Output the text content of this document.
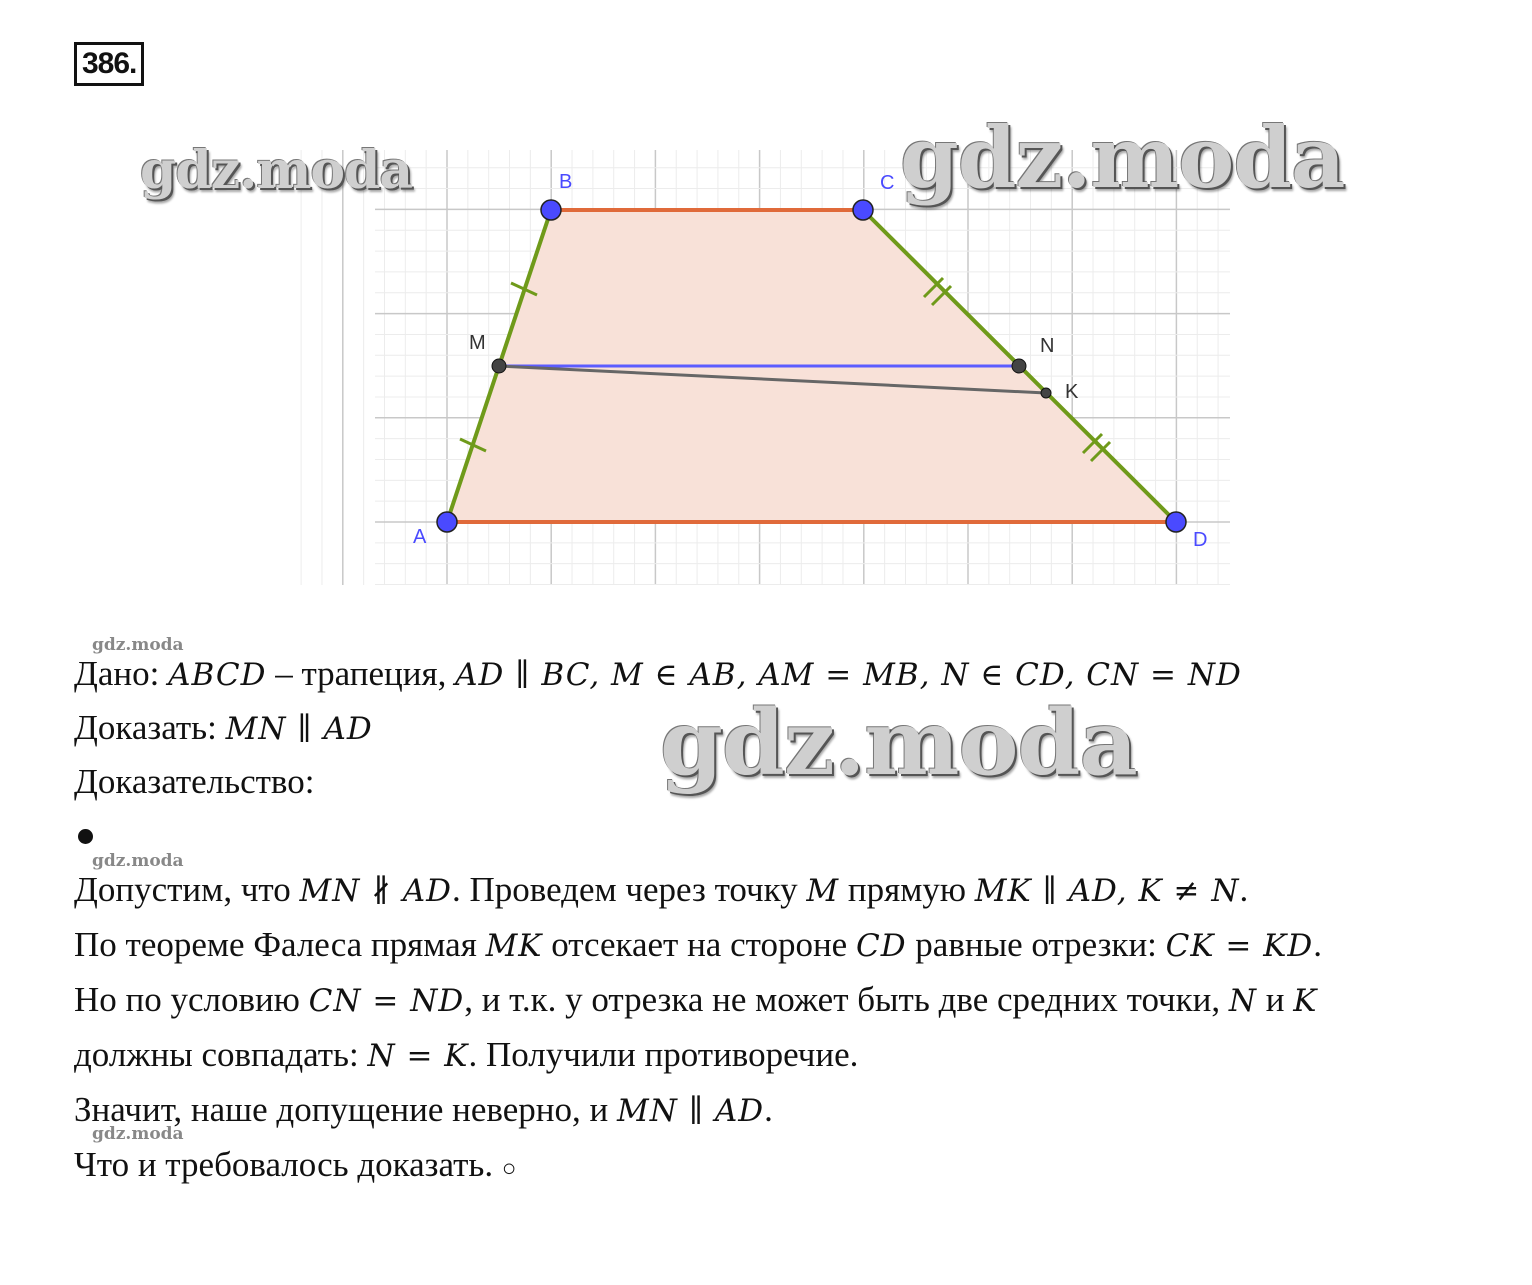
386.
A
B	C
D
M	N
K
gdz.moda	gdz.moda
gdz.moda
gdz.moda
gdz.moda
gdz.moda
Дано: ABCD – трапеция, AD ∥ BC, M ∈ AB, AM = MB, N ∈ CD, CN = ND
Доказать: MN ∥ AD
Доказательство:
Допустим, что MN ∦ AD. Проведем через точку M прямую MK ∥ AD, K ≠ N.
По теореме Фалеса прямая MK отсекает на стороне CD равные отрезки: CK = KD.
Но по условию CN = ND, и т.к. у отрезка не может быть две средних точки, N и K
должны совпадать: N = K. Получили противоречие.
Значит, наше допущение неверно, и MN ∥ AD.
Что и требовалось доказать. ○
